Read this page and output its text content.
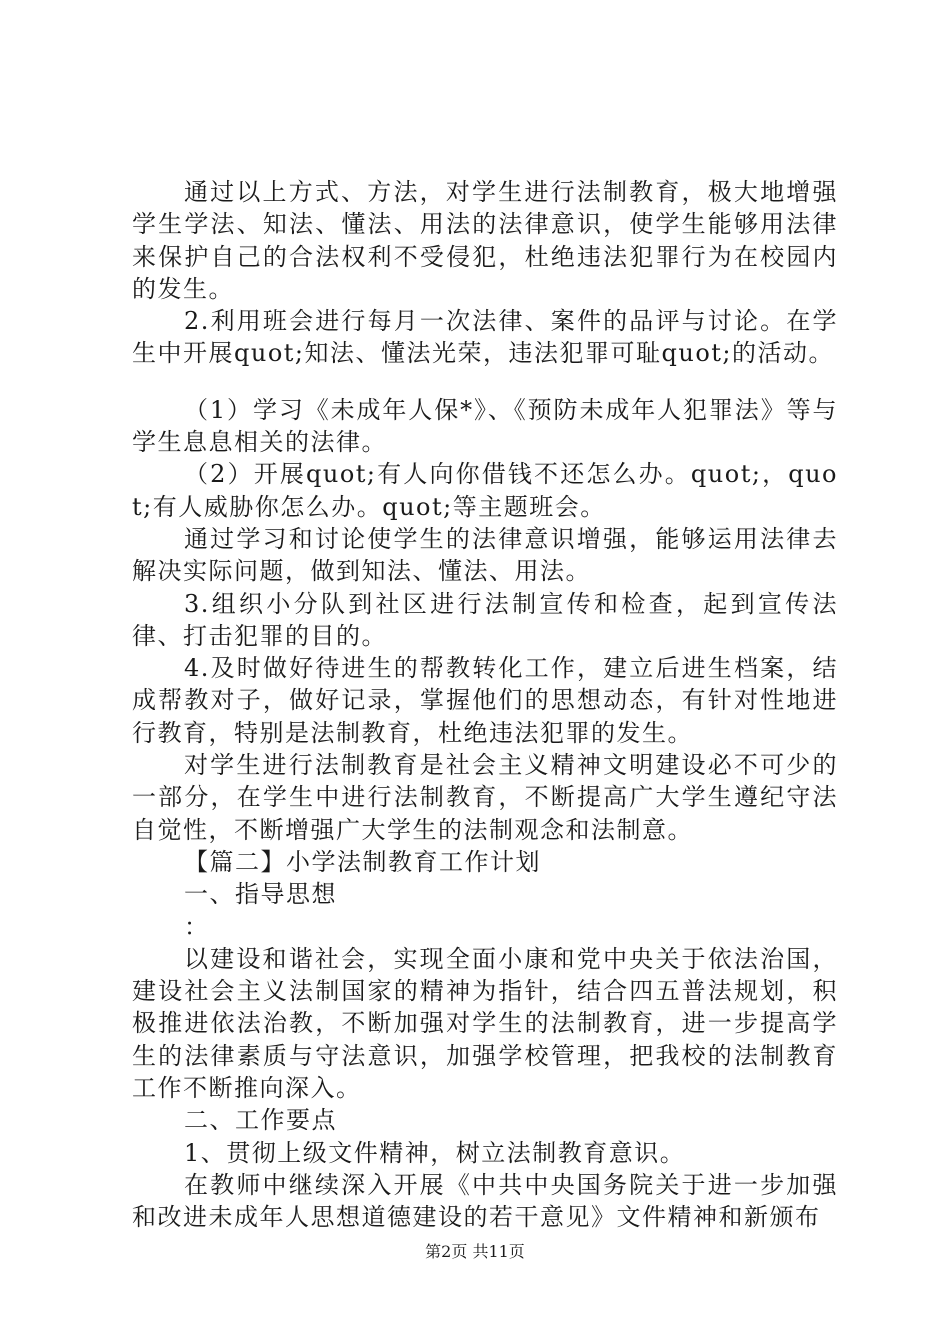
通过以上方式、方法，对学生进行法制教育，极大地增强学生学法、知法、懂法、用法的法律意识，使学生能够用法律来保护自己的合法权利不受侵犯，杜绝违法犯罪行为在校园内的发生。

2.利用班会进行每月一次法律、案件的品评与讨论。在学生中开展quot;知法、懂法光荣，违法犯罪可耻quot;的活动。

（1）学习《未成年人保*》、《预防未成年人犯罪法》等与学生息息相关的法律。

（2）开展quot;有人向你借钱不还怎么办。quot;，quot;有人威胁你怎么办。quot;等主题班会。

通过学习和讨论使学生的法律意识增强，能够运用法律去解决实际问题，做到知法、懂法、用法。

3.组织小分队到社区进行法制宣传和检查，起到宣传法律、打击犯罪的目的。

4.及时做好待进生的帮教转化工作，建立后进生档案，结成帮教对子，做好记录，掌握他们的思想动态，有针对性地进行教育，特别是法制教育，杜绝违法犯罪的发生。

对学生进行法制教育是社会主义精神文明建设必不可少的一部分，在学生中进行法制教育，不断提高广大学生遵纪守法自觉性，不断增强广大学生的法制观念和法制意。

【篇二】小学法制教育工作计划

一、指导思想

：

以建设和谐社会，实现全面小康和党中央关于依法治国，建设社会主义法制国家的精神为指针，结合四五普法规划，积极推进依法治教，不断加强对学生的法制教育，进一步提高学生的法律素质与守法意识，加强学校管理，把我校的法制教育工作不断推向深入。

二、工作要点

1、贯彻上级文件精神，树立法制教育意识。

在教师中继续深入开展《中共中央国务院关于进一步加强和改进未成年人思想道德建设的若干意见》文件精神和新颁布

第2页 共11页
